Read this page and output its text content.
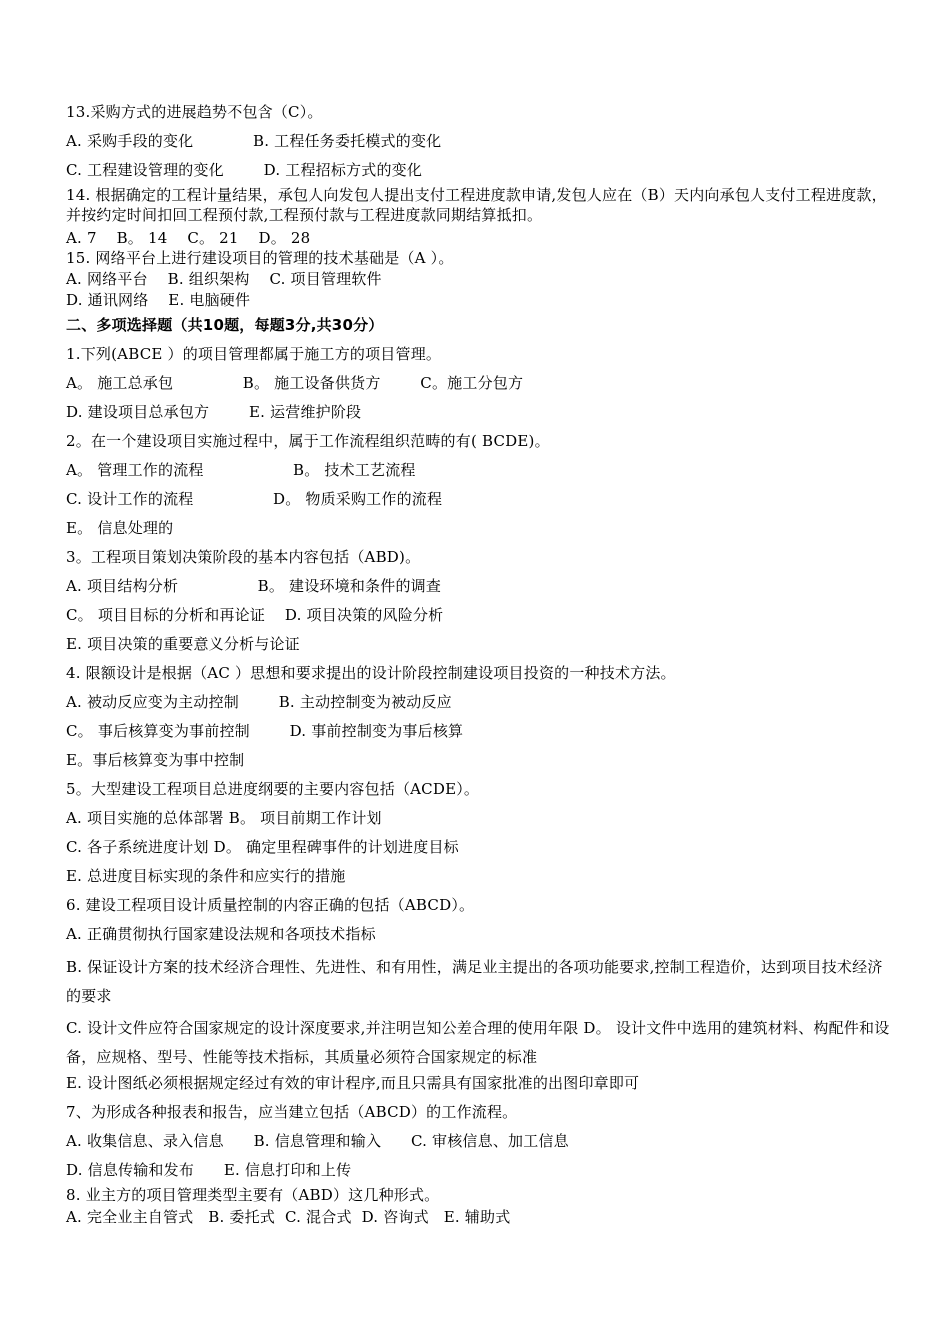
13.采购方式的进展趋势不包含（C）。
A. 采购手段的变化            B. 工程任务委托模式的变化
C. 工程建设管理的变化        D. 工程招标方式的变化
14. 根据确定的工程计量结果，承包人向发包人提出支付工程进度款申请,发包人应在（B）天内向承包人支付工程进度款，并按约定时间扣回工程预付款,工程预付款与工程进度款同期结算抵扣。
A. 7    B。 14    C。 21    D。 28
15. 网络平台上进行建设项目的管理的技术基础是（A ）。
A. 网络平台    B. 组织架构    C. 项目管理软件
D. 通讯网络    E. 电脑硬件
二、多项选择题（共10题，每题3分,共30分）
1.下列(ABCE ）的项目管理都属于施工方的项目管理。
A。 施工总承包              B。 施工设备供货方        C。施工分包方
D. 建设项目总承包方        E. 运营维护阶段
2。在一个建设项目实施过程中，属于工作流程组织范畴的有( BCDE)。
A。 管理工作的流程                  B。 技术工艺流程
C. 设计工作的流程                D。 物质采购工作的流程
E。 信息处理的
3。工程项目策划决策阶段的基本内容包括（ABD)。
A. 项目结构分析                B。 建设环境和条件的调查
C。 项目目标的分析和再论证    D. 项目决策的风险分析
E. 项目决策的重要意义分析与论证
4. 限额设计是根据（AC ）思想和要求提出的设计阶段控制建设项目投资的一种技术方法。
A. 被动反应变为主动控制        B. 主动控制变为被动反应
C。 事后核算变为事前控制        D. 事前控制变为事后核算
E。事后核算变为事中控制
5。大型建设工程项目总进度纲要的主要内容包括（ACDE）。
A. 项目实施的总体部署 B。 项目前期工作计划
C. 各子系统进度计划 D。 确定里程碑事件的计划进度目标
E. 总进度目标实现的条件和应实行的措施
6. 建设工程项目设计质量控制的内容正确的包括（ABCD）。
A. 正确贯彻执行国家建设法规和各项技术指标
B. 保证设计方案的技术经济合理性、先进性、和有用性，满足业主提出的各项功能要求,控制工程造价，达到项目技术经济的要求
C. 设计文件应符合国家规定的设计深度要求,并注明岂知公差合理的使用年限 D。 设计文件中选用的建筑材料、构配件和设备，应规格、型号、性能等技术指标，其质量必须符合国家规定的标准
E. 设计图纸必须根据规定经过有效的审计程序,而且只需具有国家批准的出图印章即可
7、为形成各种报表和报告，应当建立包括（ABCD）的工作流程。
A. 收集信息、录入信息      B. 信息管理和输入      C. 审核信息、加工信息
D. 信息传输和发布      E. 信息打印和上传
8. 业主方的项目管理类型主要有（ABD）这几种形式。
A. 完全业主自管式   B. 委托式  C. 混合式  D. 咨询式   E. 辅助式
